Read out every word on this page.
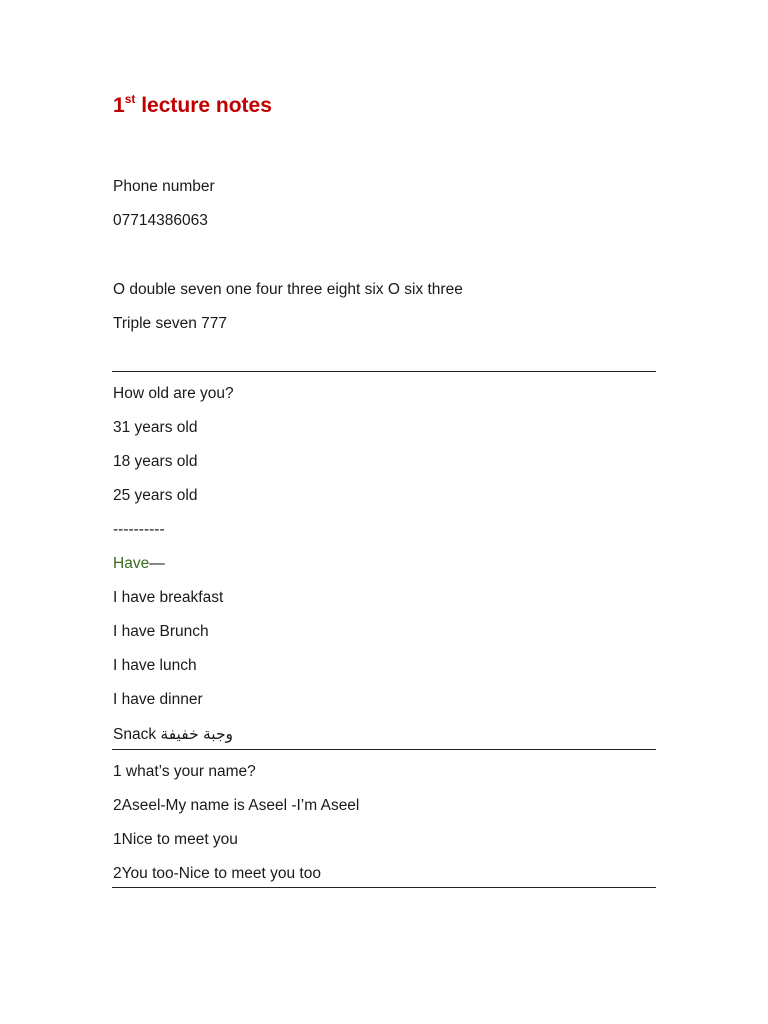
1st lecture notes
Phone number
07714386063
O double seven one four three eight six O six three
Triple seven 777
How old are you?
31 years old
18 years old
25 years old
----------
Have—
I have breakfast
I have Brunch
I have lunch
I have dinner
Snack وجبة خفيفة
1 what’s your name?
2Aseel-My name is Aseel -I’m Aseel
1Nice to meet you
2You too-Nice to meet you too
